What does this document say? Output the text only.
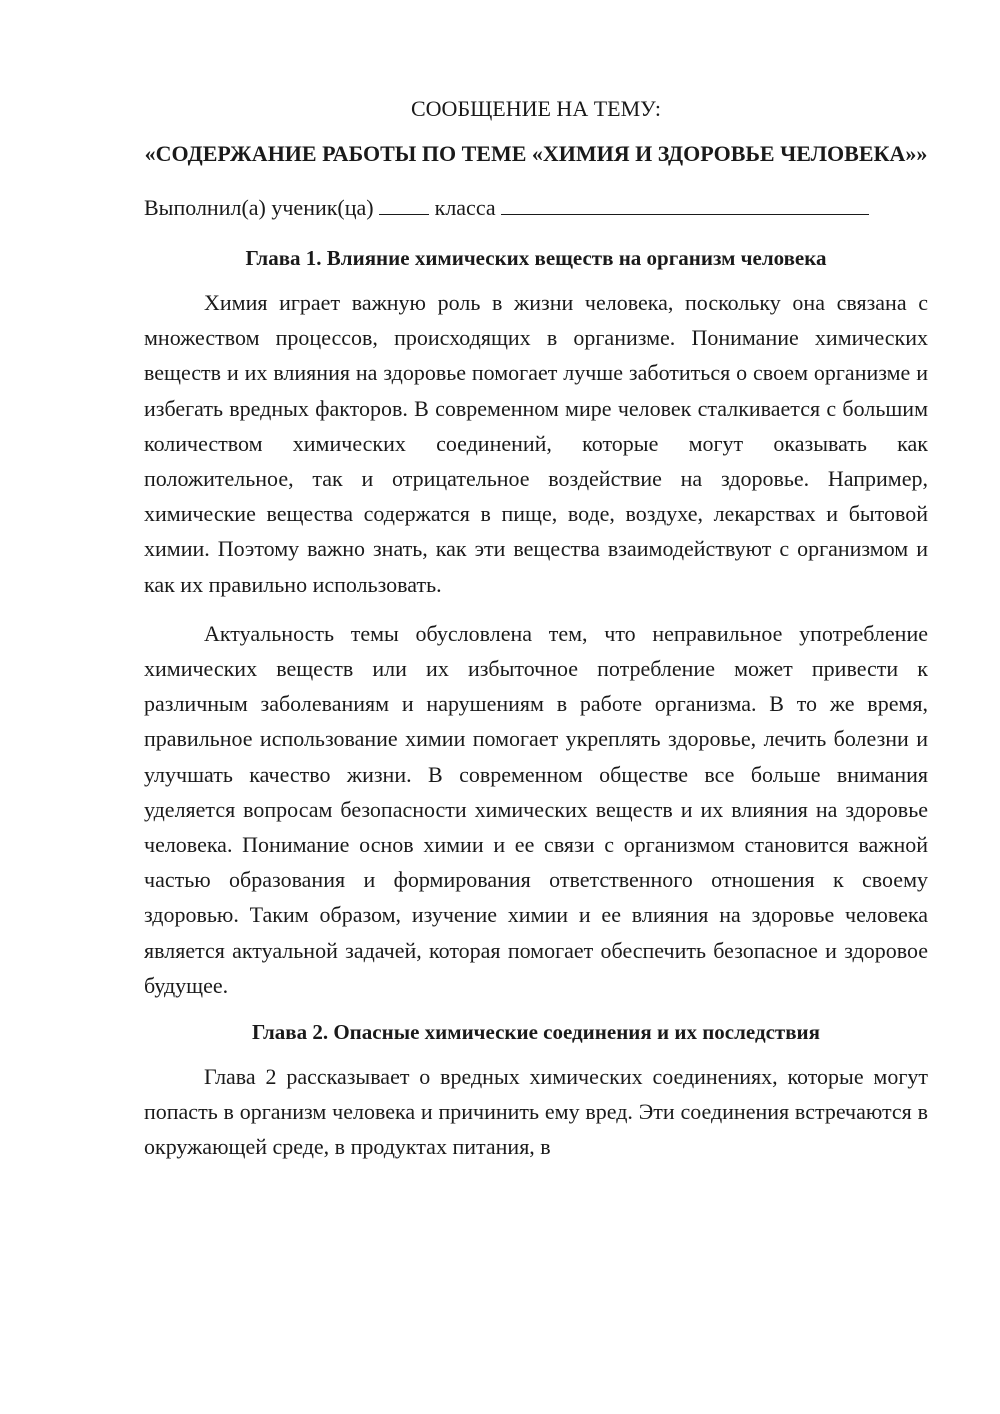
СООБЩЕНИЕ НА ТЕМУ:
«СОДЕРЖАНИЕ РАБОТЫ ПО ТЕМЕ «ХИМИЯ И ЗДОРОВЬЕ ЧЕЛОВЕКА»»
Выполнил(а) ученик(ца)	класса
Глава 1. Влияние химических веществ на организм человека

Химия играет важную роль в жизни человека, поскольку она связана с множеством процессов, происходящих в организме. Понимание химических веществ и их влияния на здоровье помогает лучше заботиться о своем организме и избегать вредных факторов. В современном мире человек сталкивается с большим количеством химических соединений, которые могут оказывать как положительное, так и отрицательное воздействие на здоровье. Например, химические вещества содержатся в пище, воде, воздухе, лекарствах и бытовой химии. Поэтому важно знать, как эти вещества взаимодействуют с организмом и как их правильно использовать.

Актуальность темы обусловлена тем, что неправильное употребление химических веществ или их избыточное потребление может привести к различным заболеваниям и нарушениям в работе организма. В то же время, правильное использование химии помогает укреплять здоровье, лечить болезни и улучшать качество жизни. В современном обществе все больше внимания уделяется вопросам безопасности химических веществ и их влияния на здоровье человека. Понимание основ химии и ее связи с организмом становится важной частью образования и формирования ответственного отношения к своему здоровью. Таким образом, изучение химии и ее влияния на здоровье человека является актуальной задачей, которая помогает обеспечить безопасное и здоровое будущее.

Глава 2. Опасные химические соединения и их последствия

Глава 2 рассказывает о вредных химических соединениях, которые могут попасть в организм человека и причинить ему вред. Эти соединения встречаются в окружающей среде, в продуктах питания, в
